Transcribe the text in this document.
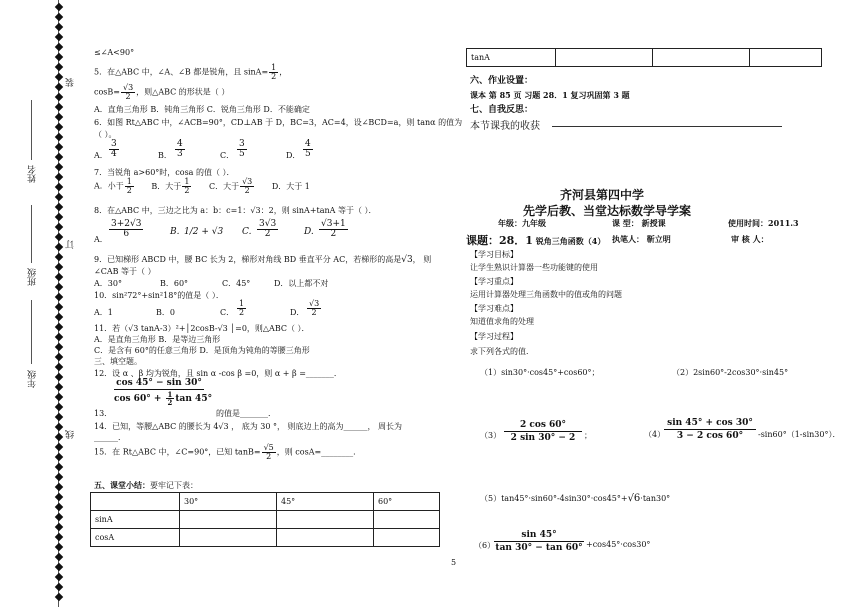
姓名
班级
年级
装
订
线
≤∠A<90°
5．在△ABC 中，∠A、∠B 都是锐角，且 $\sin A= \frac{1}{2}$ ，
$\cos B= \frac{√3}{2}$ ，则△ABC 的形状是（ ）
A．直角三角形 B．钝角三角形 C．锐角三角形 D．不能确定
6．如图 Rt△ABC 中，∠ACB=90°，CD⊥AB 于 D，BC=3，AC=4，设∠BCD=a，则 tanα 的值为
（ ）。
A． $\frac{3}{4}$	B． $\frac{4}{3}$	C． $\frac{3}{5}$	D． $\frac{4}{5}$
7．当锐角 a>60°时，cosa 的值（ ）．
A．小于 $\frac{1}{2}$ B．大于 $\frac{1}{2}$ C．大于 $\frac{√3}{2}$ D．大于 1
8．在△ABC 中，三边之比为 a：b：c=1：√3：2，则 sinA+tanA 等于（ ）．
A．
$\frac{3+2√3}{6}$	B. 1/2 + √3 C. $\frac{3√3}{2}$	D. $\frac{√3+1}{2}$
9．已知梯形 ABCD 中，腰 BC 长为 2，梯形对角线 BD 垂直平分 AC，若梯形的高是√3， 则
∠CAB 等于（ ）
A．30°	B．60°	C．45°	D．以上都不对
10．sin²72°+sin²18°的值是（ ）．
A．1	B．0	C． $\frac{1}{2}$	D． $\frac{√3}{2}$
11．若（√3 tanA-3）²+│2cosB-√3 │=0，则△ABC（ ）．
A．是直角三角形 B．是等边三角形
C．是含有 60°的任意三角形 D．是顶角为钝角的等腰三角形
三、填空题。
12．设 α 、β 均为锐角，且 sin α -cos β =0，则 α + β =_______．
13．
cos 45° − sin 30°
$\cos 60^\circ + \frac{1}{2}$ tan 45°
的值是_______．
14．已知，等腰△ABC 的腰长为 4√3 ， 底为 30 °， 则底边上的高为______， 周长为
______．
15．在 Rt△ABC 中，∠C=90°，已知 $\tan B= \frac{√5}{2}$ ，则 cosA=________．
五、课堂小结：要牢记下表：
	30°	45°	60°
sinA			
cosA			
5
tanA			
六、作业设置：
课本 第 85 页 习题 28．1 复习巩固第 3 题
七、自我反思：
本节课我的收获
齐河县第四中学
先学后教、当堂达标数学导学案
年级：九年级	课 型： 新授课	使用时间：2011.3
课题：28．1 锐角三角函数（4） 执笔人： 靳立明	审 核 人：
【学习目标】
让学生熟识计算器一些功能键的使用
【学习重点】
运用计算器处理三角函数中的值或角的问题
【学习难点】
知道值求角的处理
【学习过程】
求下列各式的值．
（1）sin30°·cos45°+cos60°；	（2）2sin60°-2cos30°·sin45°
（3）
2 cos 60°
2 sin 30° − 2	；	（4）
sin 45° + cos 30°
3 − 2 cos 60°	-sin60°（1-sin30°）．
（5）tan45°·sin60°-4sin30°·cos45°+√6·tan30°
（6）
sin 45°
tan 30° − tan 60° +cos45°·cos30°
